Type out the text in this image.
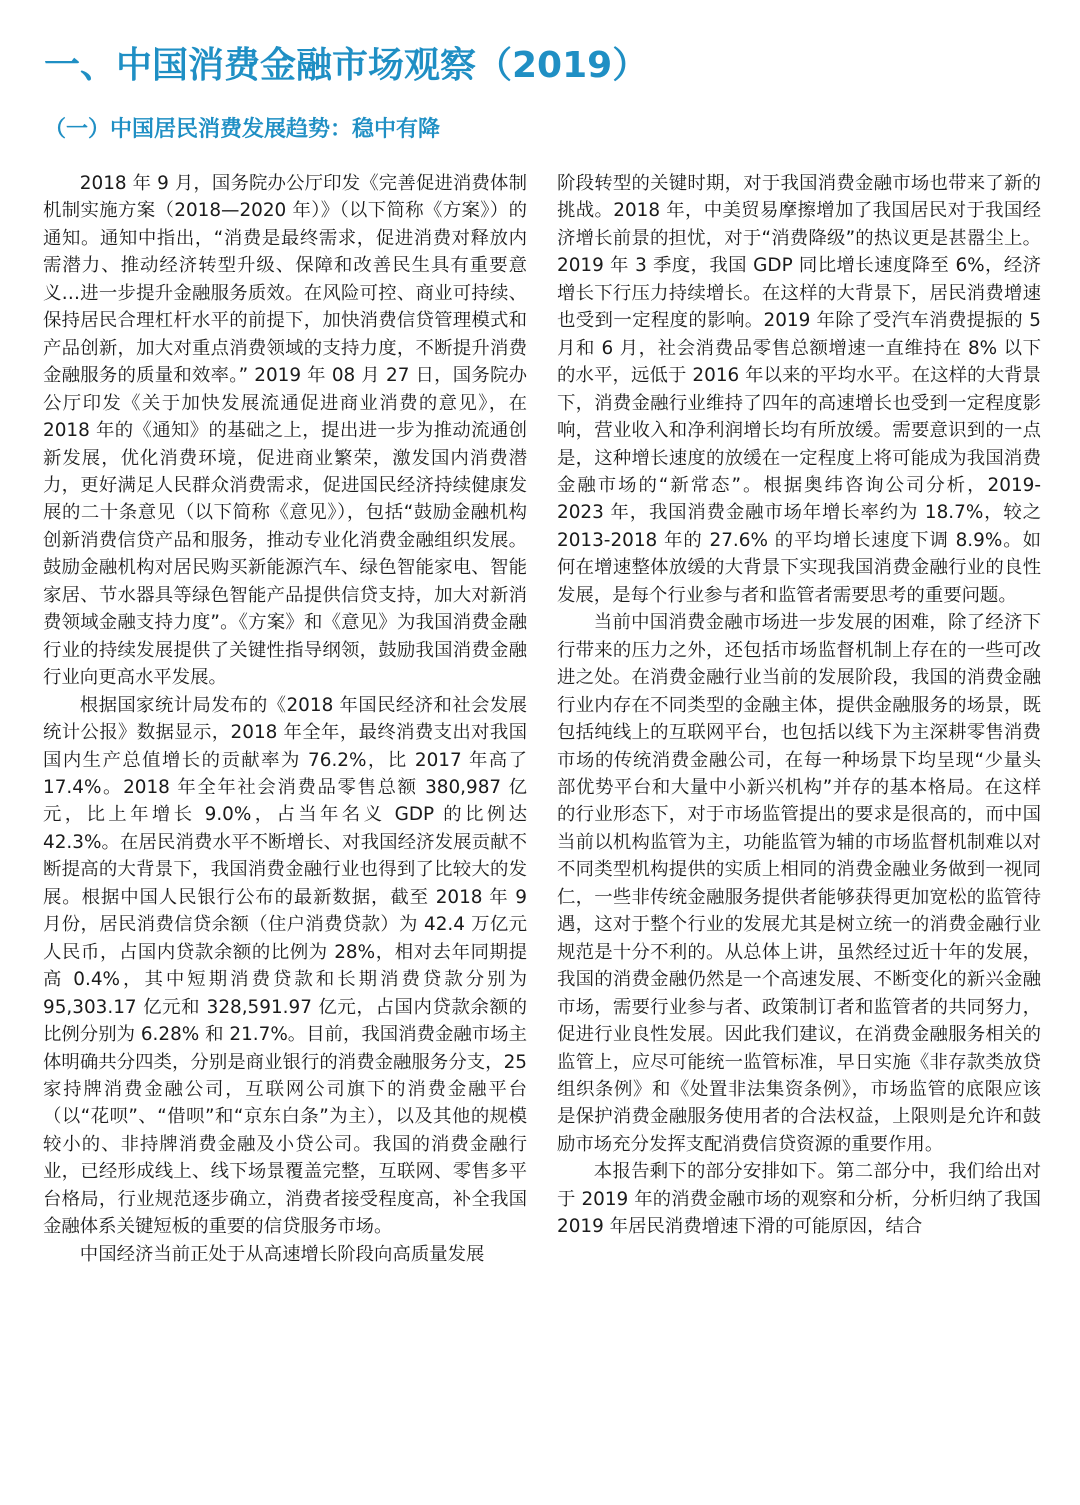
一、中国消费金融市场观察（2019）
（一）中国居民消费发展趋势：稳中有降

2018 年 9 月，国务院办公厅印发《完善促进消费体制机制实施方案（2018—2020 年）》（以下简称《方案》）的通知。通知中指出，“消费是最终需求，促进消费对释放内需潜力、推动经济转型升级、保障和改善民生具有重要意义…进一步提升金融服务质效。在风险可控、商业可持续、保持居民合理杠杆水平的前提下，加快消费信贷管理模式和产品创新，加大对重点消费领域的支持力度，不断提升消费金融服务的质量和效率。” 2019 年 08 月 27 日，国务院办公厅印发《关于加快发展流通促进商业消费的意见》，在 2018 年的《通知》的基础之上，提出进一步为推动流通创新发展，优化消费环境，促进商业繁荣，激发国内消费潜力，更好满足人民群众消费需求，促进国民经济持续健康发展的二十条意见（以下简称《意见》），包括“鼓励金融机构创新消费信贷产品和服务，推动专业化消费金融组织发展。鼓励金融机构对居民购买新能源汽车、绿色智能家电、智能家居、节水器具等绿色智能产品提供信贷支持，加大对新消费领域金融支持力度”。《方案》和《意见》为我国消费金融行业的持续发展提供了关键性指导纲领，鼓励我国消费金融行业向更高水平发展。

根据国家统计局发布的《2018 年国民经济和社会发展统计公报》数据显示，2018 年全年，最终消费支出对我国国内生产总值增长的贡献率为 76.2%，比 2017 年高了 17.4%。2018 年全年社会消费品零售总额 380,987 亿元，比上年增长 9.0%，占当年名义 GDP 的比例达 42.3%。在居民消费水平不断增长、对我国经济发展贡献不断提高的大背景下，我国消费金融行业也得到了比较大的发展。根据中国人民银行公布的最新数据，截至 2018 年 9 月份，居民消费信贷余额（住户消费贷款）为 42.4 万亿元人民币，占国内贷款余额的比例为 28%，相对去年同期提高 0.4%，其中短期消费贷款和长期消费贷款分别为 95,303.17 亿元和 328,591.97 亿元，占国内贷款余额的比例分别为 6.28% 和 21.7%。目前，我国消费金融市场主体明确共分四类，分别是商业银行的消费金融服务分支，25 家持牌消费金融公司，互联网公司旗下的消费金融平台（以“花呗”、“借呗”和“京东白条”为主），以及其他的规模较小的、非持牌消费金融及小贷公司。我国的消费金融行业，已经形成线上、线下场景覆盖完整，互联网、零售多平台格局，行业规范逐步确立，消费者接受程度高，补全我国金融体系关键短板的重要的信贷服务市场。

中国经济当前正处于从高速增长阶段向高质量发展

阶段转型的关键时期，对于我国消费金融市场也带来了新的挑战。2018 年，中美贸易摩擦增加了我国居民对于我国经济增长前景的担忧，对于“消费降级”的热议更是甚嚣尘上。2019 年 3 季度，我国 GDP 同比增长速度降至 6%，经济增长下行压力持续增长。在这样的大背景下，居民消费增速也受到一定程度的影响。2019 年除了受汽车消费提振的 5 月和 6 月，社会消费品零售总额增速一直维持在 8% 以下的水平，远低于 2016 年以来的平均水平。在这样的大背景下，消费金融行业维持了四年的高速增长也受到一定程度影响，营业收入和净利润增长均有所放缓。需要意识到的一点是，这种增长速度的放缓在一定程度上将可能成为我国消费金融市场的“新常态”。根据奥纬咨询公司分析，2019-2023 年，我国消费金融市场年增长率约为 18.7%，较之 2013-2018 年的 27.6% 的平均增长速度下调 8.9%。如何在增速整体放缓的大背景下实现我国消费金融行业的良性发展，是每个行业参与者和监管者需要思考的重要问题。

当前中国消费金融市场进一步发展的困难，除了经济下行带来的压力之外，还包括市场监督机制上存在的一些可改进之处。在消费金融行业当前的发展阶段，我国的消费金融行业内存在不同类型的金融主体，提供金融服务的场景，既包括纯线上的互联网平台，也包括以线下为主深耕零售消费市场的传统消费金融公司，在每一种场景下均呈现“少量头部优势平台和大量中小新兴机构”并存的基本格局。在这样的行业形态下，对于市场监管提出的要求是很高的，而中国当前以机构监管为主，功能监管为辅的市场监督机制难以对不同类型机构提供的实质上相同的消费金融业务做到一视同仁，一些非传统金融服务提供者能够获得更加宽松的监管待遇，这对于整个行业的发展尤其是树立统一的消费金融行业规范是十分不利的。从总体上讲，虽然经过近十年的发展，我国的消费金融仍然是一个高速发展、不断变化的新兴金融市场，需要行业参与者、政策制订者和监管者的共同努力，促进行业良性发展。因此我们建议，在消费金融服务相关的监管上，应尽可能统一监管标准，早日实施《非存款类放贷组织条例》和《处置非法集资条例》，市场监管的底限应该是保护消费金融服务使用者的合法权益，上限则是允许和鼓励市场充分发挥支配消费信贷资源的重要作用。

本报告剩下的部分安排如下。第二部分中，我们给出对于 2019 年的消费金融市场的观察和分析，分析归纳了我国 2019 年居民消费增速下滑的可能原因，结合
